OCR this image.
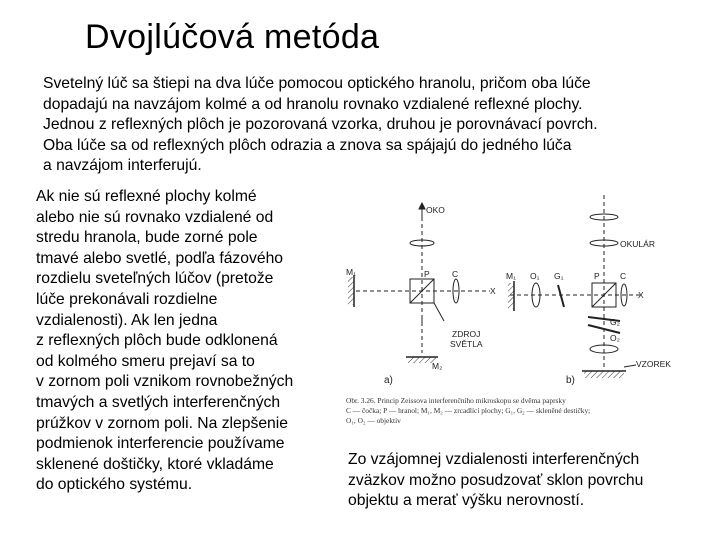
Dvojlúčová metóda
Svetelný lúč sa štiepi na dva lúče pomocou optického hranolu, pričom oba lúče
dopadajú na navzájom kolmé a od hranolu rovnako vzdialené reflexné plochy.
Jednou z reflexných plôch je pozorovaná vzorka, druhou je porovnávací povrch.
Oba lúče sa od reflexných plôch odrazia a znova sa spájajú do jedného lúča
a navzájom interferujú.
Ak nie sú reflexné plochy kolmé
alebo nie sú rovnako vzdialené od
stredu hranola, bude zorné pole
tmavé alebo svetlé, podľa fázového
rozdielu sveteľných lúčov (pretože
lúče prekonávali rozdielne
vzdialenosti). Ak len jedna
z reflexných plôch bude odklonená
od kolmého smeru prejaví sa to
v zornom poli vznikom rovnobežných
tmavých a svetlých interferenčných
prúžkov v zornom poli. Na zlepšenie
podmienok interferencie používame
sklenené doštičky, ktoré vkladáme
do optického systému.
OKO
M₁	P	C
X
ZDROJ
SVĚTLA
M₂
a)
OKULÁR
M₁ O₁ G₁	P C
X
G₂
O₂
VZOREK
b)
Obr. 3.26. Princip Zeissova interferenčního mikroskopu se dvěma paprsky
C — čočka; P — hranol; M₁, M₂ — zrcadlící plochy; G₁, G₂ — skleněné destičky;
O₁, O₂ — objektiv
Zo vzájomnej vzdialenosti interferenčných
zväzkov možno posudzovať sklon povrchu
objektu a merať výšku nerovností.
